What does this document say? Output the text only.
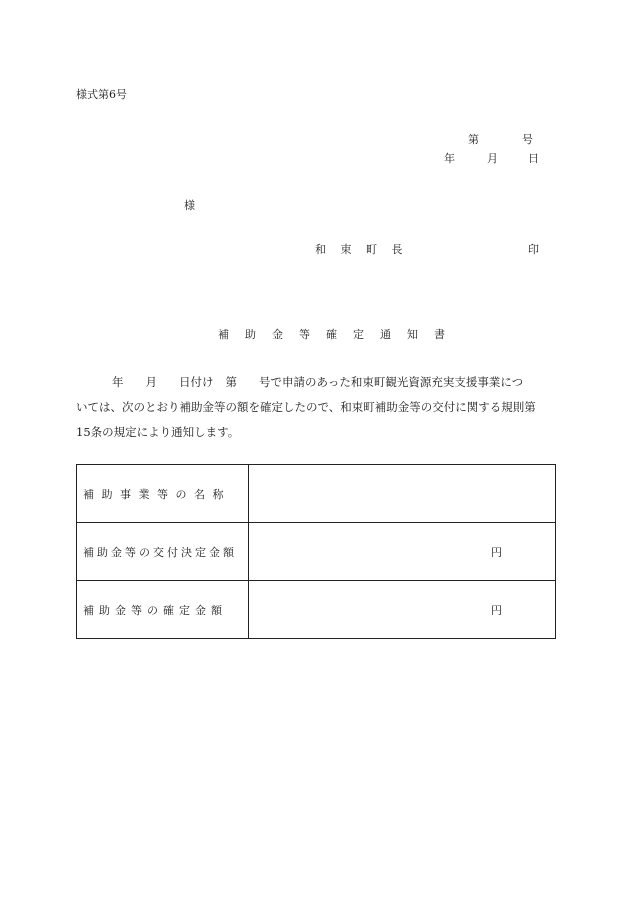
様式第6号
第	号
年	月	日
様
和 束 町 長	印
補 助 金 等 確 定 通 知 書
年 月 日付け 第 号で申請のあった和束町観光資源充実支援事業につ
いては、次のとおり補助金等の額を確定したので、和束町補助金等の交付に関する規則第
15条の規定により通知します。
補助事業等の名称	
補助金等の交付決定金額	円

補助金等の確定金額	円
